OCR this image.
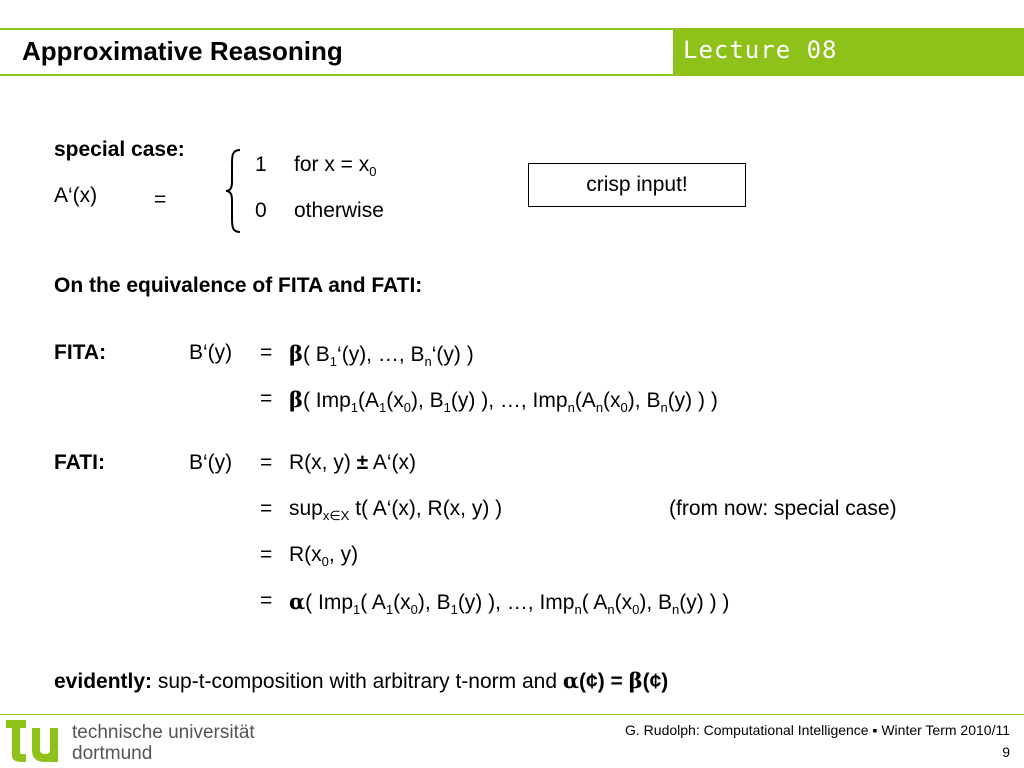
Approximative Reasoning	Lecture 08
special case:
A‘(x)	=
1 for $x = x_0$
0 otherwise
crisp input!
On the equivalence of FITA and FATI:
FITA:	B‘(y) = β( $B_1‘(y)$, …, $B_n‘(y)$ )
= β( $Imp_1(A_1(x_0)$, $B_1(y)$ ), …, $Imp_n(A_n(x_0)$, $B_n(y)$ ) )
FATI:	B‘(y) = R(x, y) ± A‘(x)
= sup$_{x\in X}$ t( A‘(x), R(x, y) )	(from now: special case)
= $R(x_0$, y)
= α( Imp$_1$( $A_1(x_0)$, $B_1(y)$ ), …, Imp$_n$( $A_n(x_0)$, $B_n(y)$ ) )
evidently: sup-t-composition with arbitrary t-norm and α(¢) = β(¢)
technische universität
dortmund
G. Rudolph: Computational Intelligence ▪ Winter Term 2010/11
9
